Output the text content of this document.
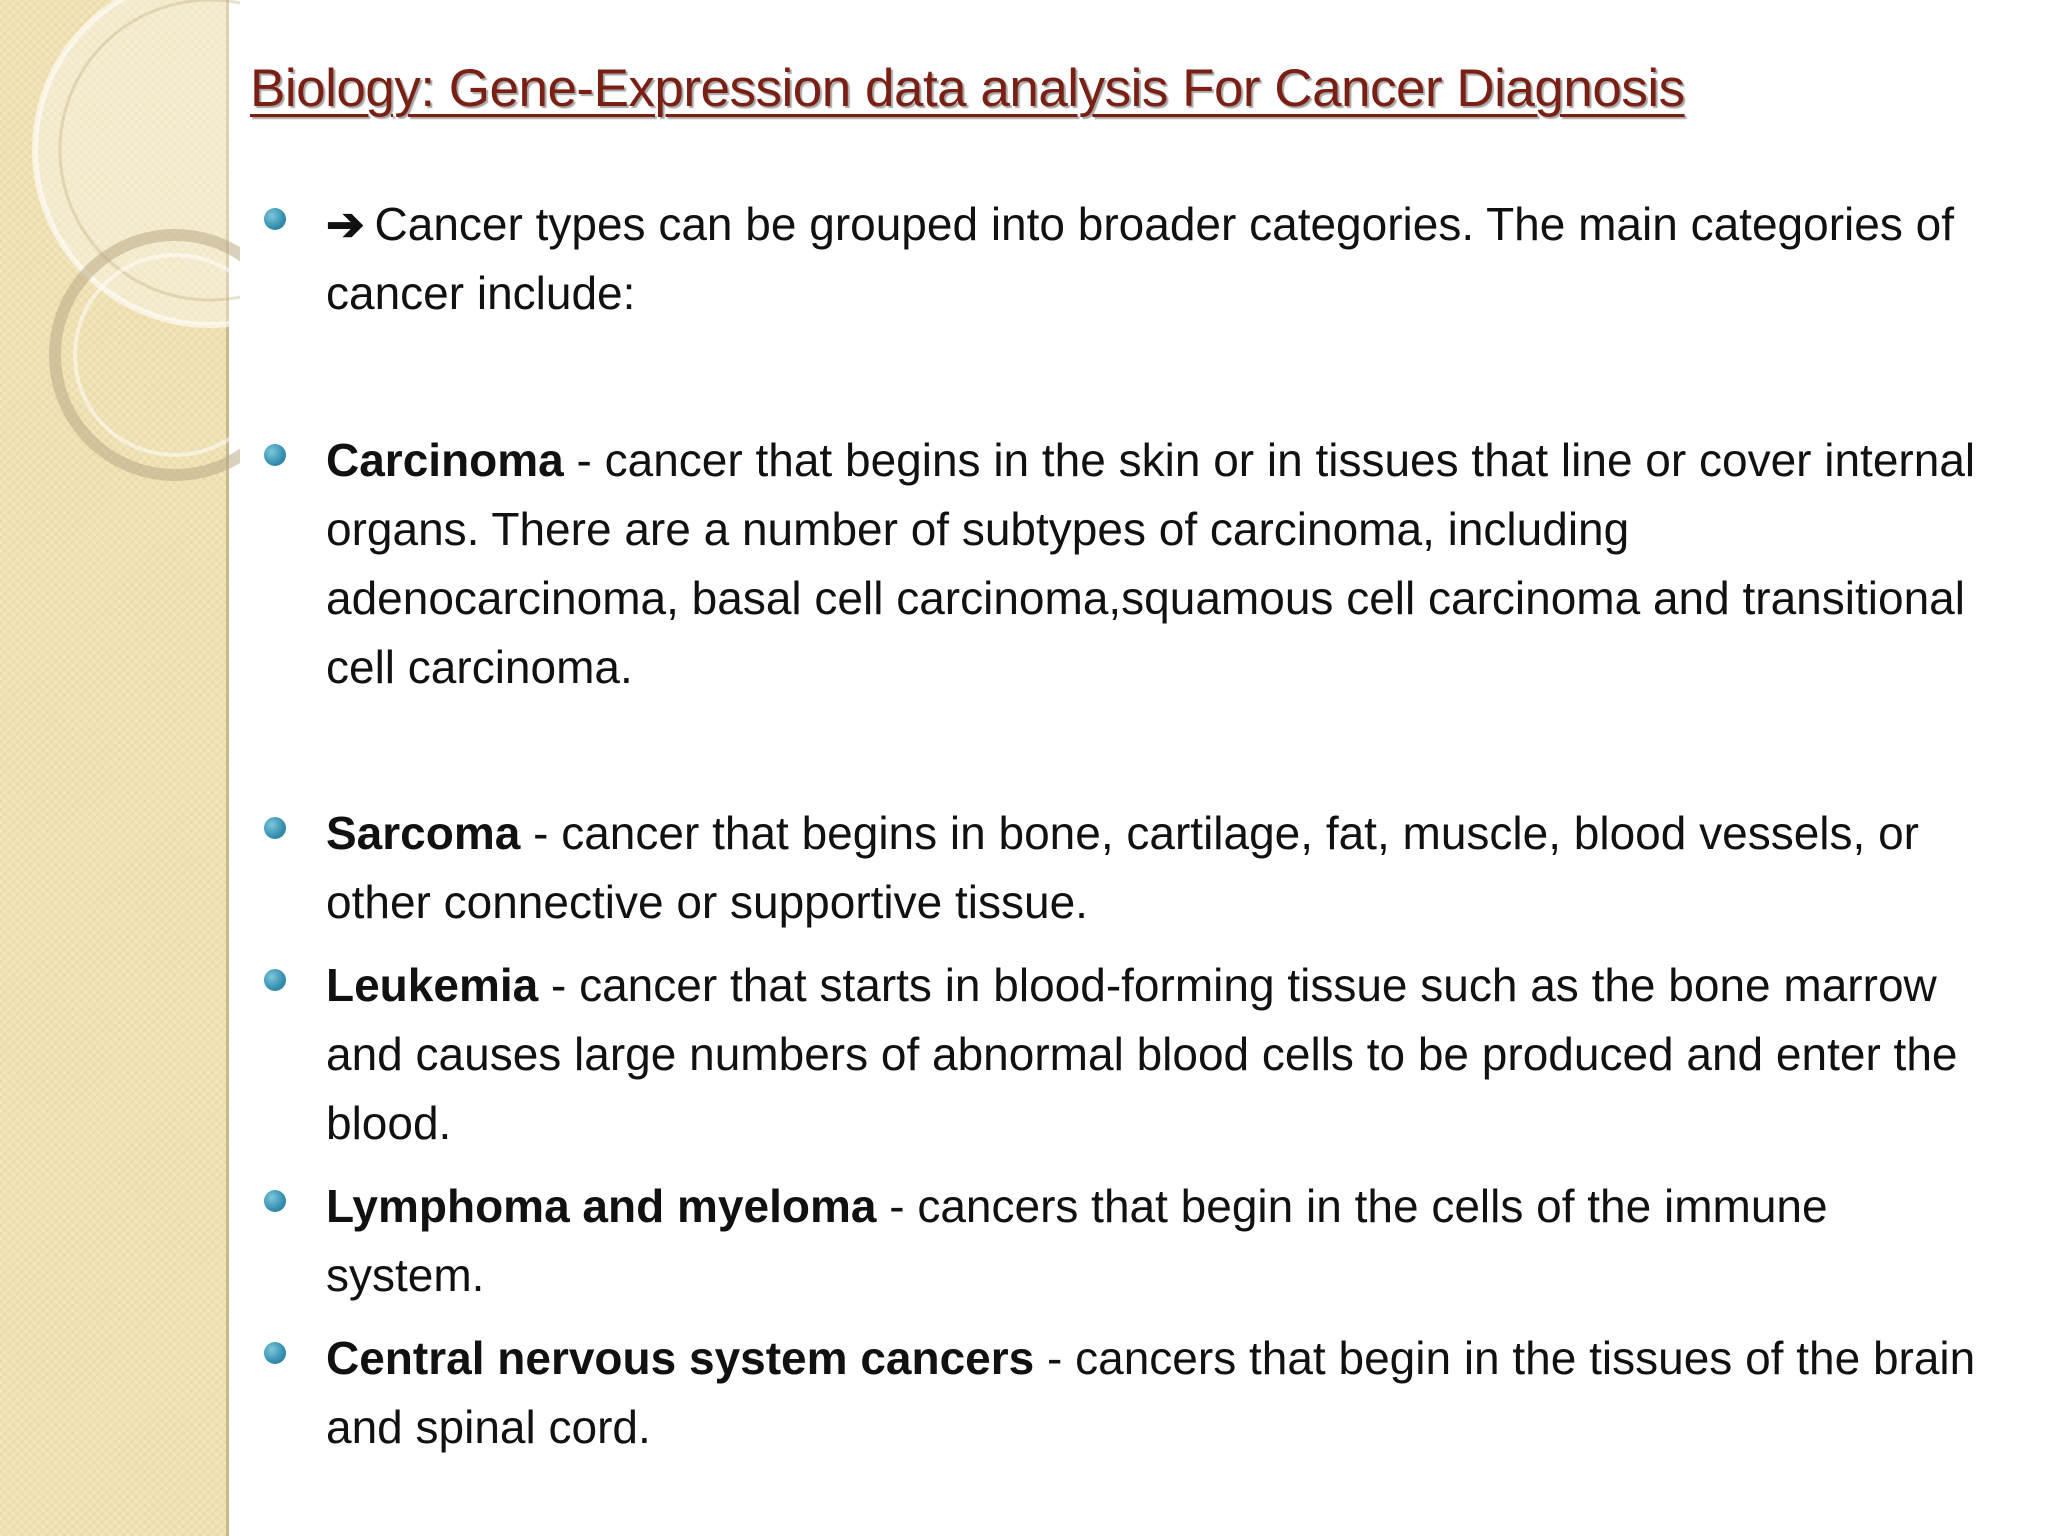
Biology: Gene-Expression data analysis For Cancer Diagnosis
➔ Cancer types can be grouped into broader categories. The main categories of cancer include:
Carcinoma - cancer that begins in the skin or in tissues that line or cover internal organs. There are a number of subtypes of carcinoma, including adenocarcinoma, basal cell carcinoma,squamous cell carcinoma and transitional cell carcinoma.
Sarcoma - cancer that begins in bone, cartilage, fat, muscle, blood vessels, or other connective or supportive tissue.
Leukemia - cancer that starts in blood-forming tissue such as the bone marrow and causes large numbers of abnormal blood cells to be produced and enter the blood.
Lymphoma and myeloma - cancers that begin in the cells of the immune system.
Central nervous system cancers - cancers that begin in the tissues of the brain and spinal cord.
